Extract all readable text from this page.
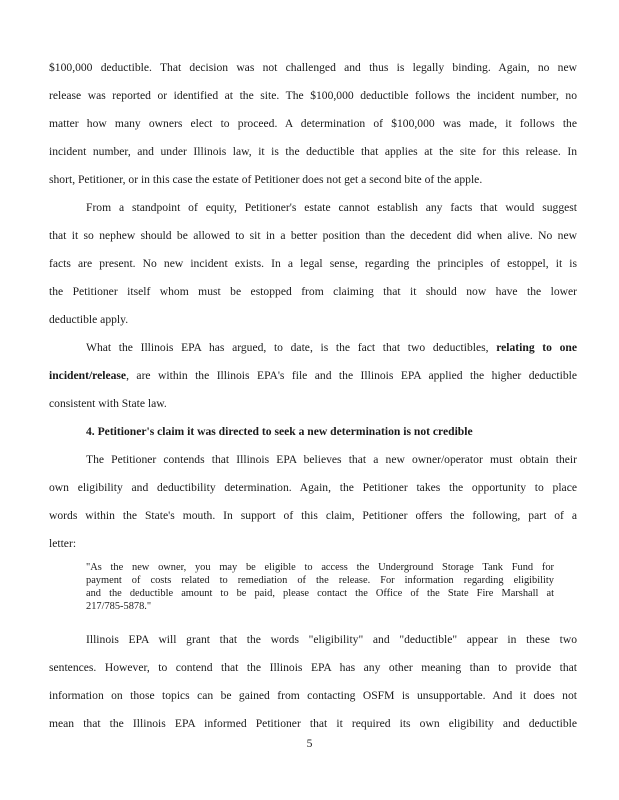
$100,000 deductible. That decision was not challenged and thus is legally binding. Again, no new
release was reported or identified at the site. The $100,000 deductible follows the incident number, no
matter how many owners elect to proceed. A determination of $100,000 was made, it follows the
incident number, and under Illinois law, it is the deductible that applies at the site for this release. In
short, Petitioner, or in this case the estate of Petitioner does not get a second bite of the apple.
From a standpoint of equity, Petitioner's estate cannot establish any facts that would suggest
that it so nephew should be allowed to sit in a better position than the decedent did when alive. No new
facts are present. No new incident exists. In a legal sense, regarding the principles of estoppel, it is
the Petitioner itself whom must be estopped from claiming that it should now have the lower
deductible apply.
What the Illinois EPA has argued, to date, is the fact that two deductibles, relating to one
incident/release, are within the Illinois EPA's file and the Illinois EPA applied the higher deductible
consistent with State law.
4. Petitioner's claim it was directed to seek a new determination is not credible
The Petitioner contends that Illinois EPA believes that a new owner/operator must obtain their
own eligibility and deductibility determination. Again, the Petitioner takes the opportunity to place
words within the State's mouth. In support of this claim, Petitioner offers the following, part of a
letter:
"As the new owner, you may be eligible to access the Underground Storage Tank Fund for
payment of costs related to remediation of the release. For information regarding eligibility
and the deductible amount to be paid, please contact the Office of the State Fire Marshall at
217/785-5878."
Illinois EPA will grant that the words "eligibility" and "deductible" appear in these two
sentences. However, to contend that the Illinois EPA has any other meaning than to provide that
information on those topics can be gained from contacting OSFM is unsupportable. And it does not
mean that the Illinois EPA informed Petitioner that it required its own eligibility and deductible
5
